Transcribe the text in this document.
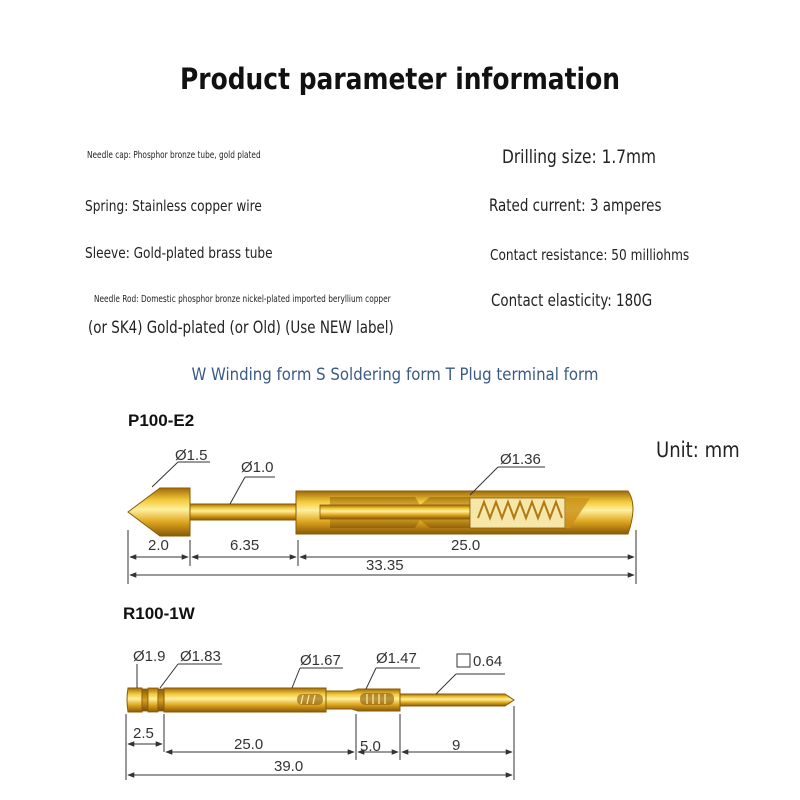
Product parameter information
Needle cap: Phosphor bronze tube, gold plated
Spring: Stainless copper wire
Sleeve: Gold-plated brass tube
Needle Rod: Domestic phosphor bronze nickel-plated imported beryllium copper
(or SK4) Gold-plated (or Old) (Use NEW label)
Drilling size: 1.7mm
Rated current: 3 amperes
Contact resistance: 50 milliohms
Contact elasticity: 180G
W Winding form S Soldering form T Plug terminal form
P100-E2
Unit: mm
R100-1W
Ø1.5
Ø1.0	Ø1.36
2.0	6.35	25.0
33.35
Ø1.9 Ø1.83	Ø1.67 Ø1.47	0.64
2.5
25.0	5.0	9
39.0
